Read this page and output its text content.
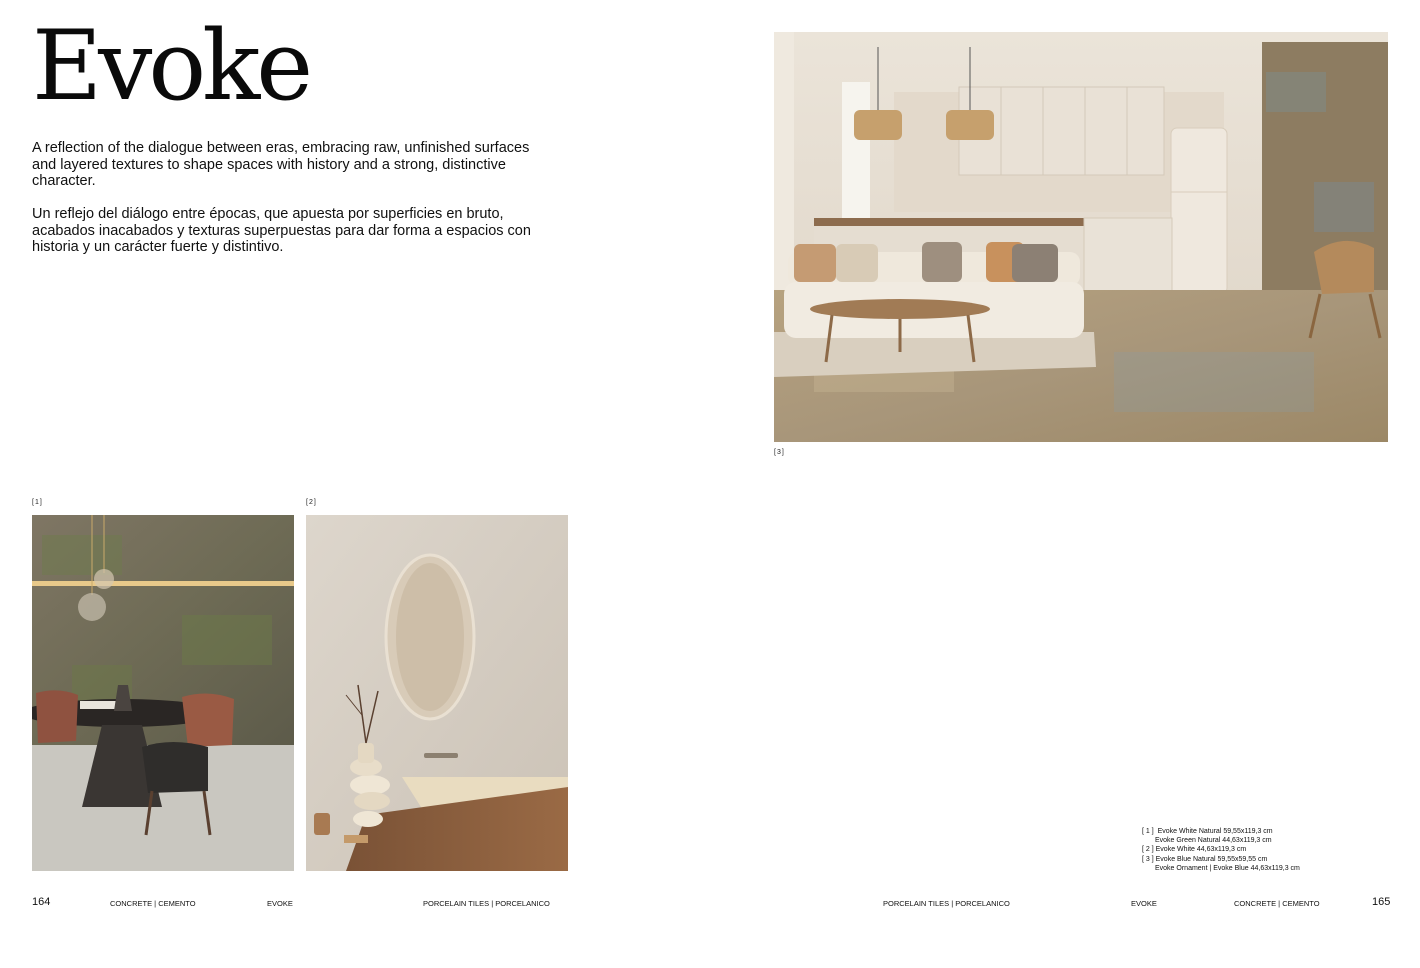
Evoke

A reflection of the dialogue between eras, embracing raw, unfinished surfaces and layered textures to shape spaces with history and a strong, distinctive character.

Un reflejo del diálogo entre épocas, que apuesta por superficies en bruto, acabados inacabados y texturas superpuestas para dar forma a espacios con historia y un carácter fuerte y distintivo.

[3]
[1]	[2]
[ 1 ] Evoke White Natural 59,55x119,3 cm
Evoke Green Natural 44,63x119,3 cm
[ 2 ] Evoke White 44,63x119,3 cm
[ 3 ] Evoke Blue Natural 59,55x59,55 cm
Evoke Ornament | Evoke Blue 44,63x119,3 cm
164	CONCRETE | CEMENTO	EVOKE	PORCELAIN TILES | PORCELANICO	PORCELAIN TILES | PORCELANICO	EVOKE	CONCRETE | CEMENTO	165
